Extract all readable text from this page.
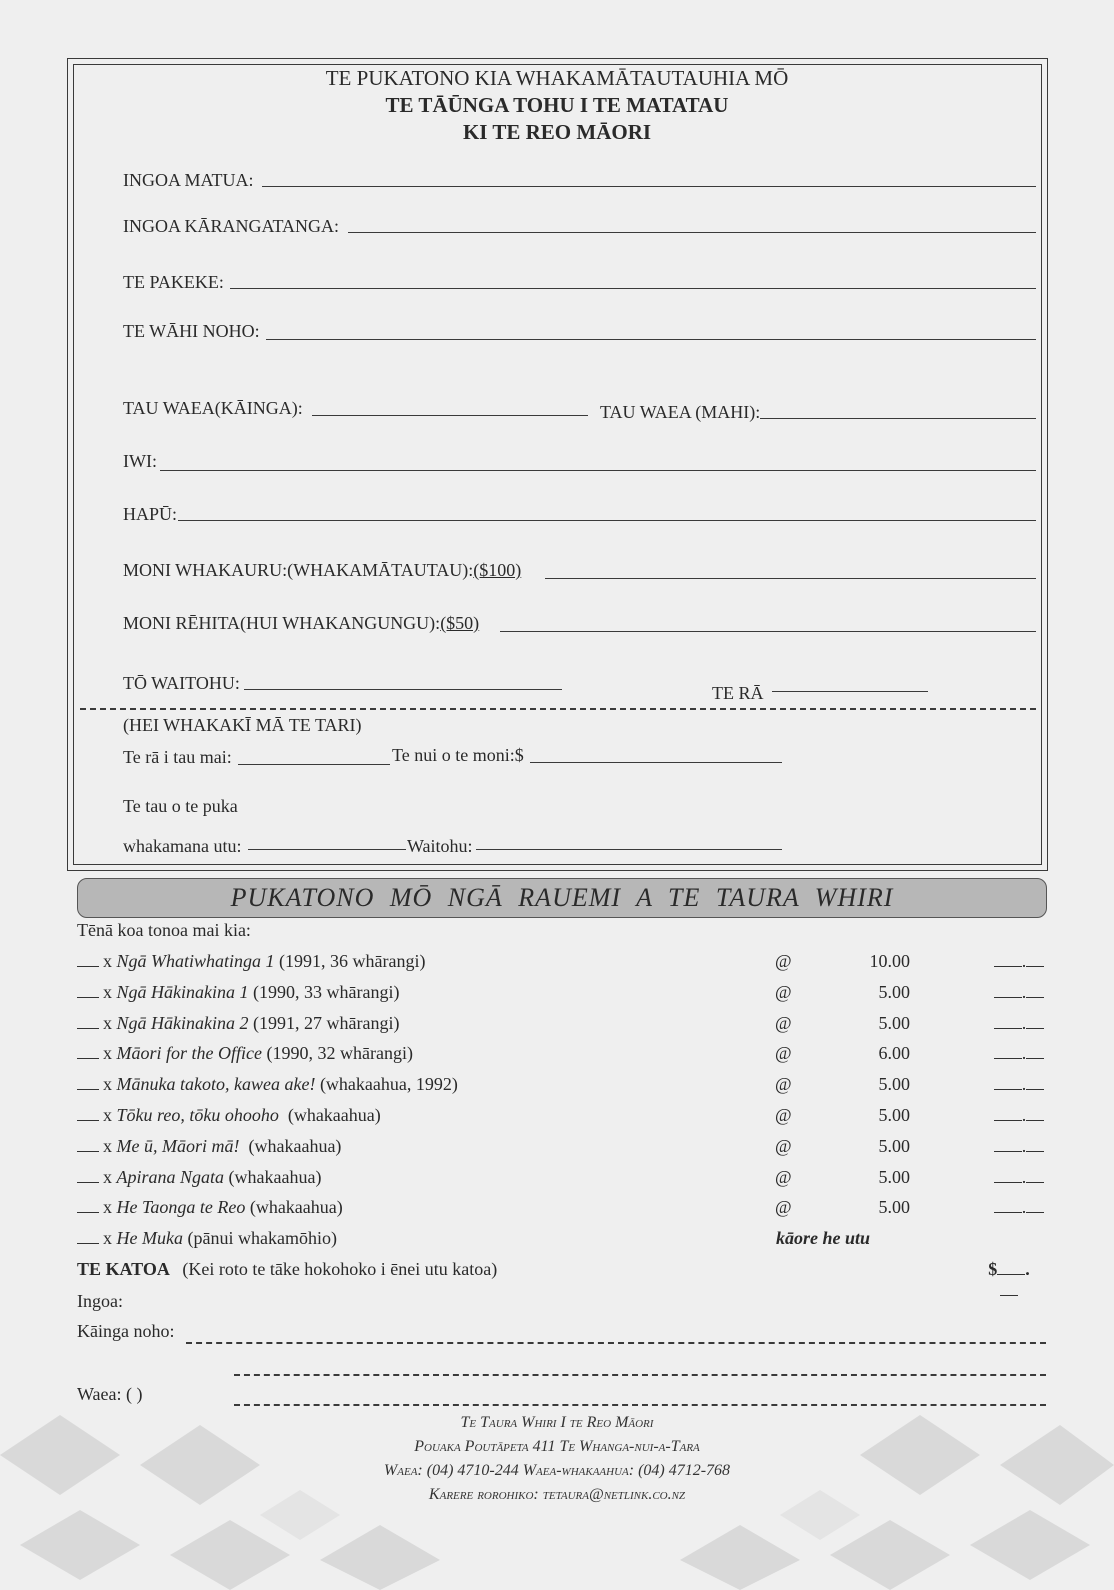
TE PUKATONO KIA WHAKAMĀTAUTAUHIA MŌ
TE TĀŪNGA TOHU I TE MATATAU
KI TE REO MĀORI
INGOA MATUA:
INGOA KĀRANGATANGA:
TE PAKEKE:
TE WĀHI NOHO:
TAU WAEA(KĀINGA):	TAU WAEA (MAHI):
IWI:
HAPŪ:
MONI WHAKAURU:(WHAKAMĀTAUTAU):($100)
MONI RĒHITA(HUI WHAKANGUNGU):($50)
TŌ WAITOHU:	TE RĀ
(HEI WHAKAKĪ MĀ TE TARI)
Te rā i tau mai:	Te nui o te moni:$
Te tau o te puka
whakamana utu:	Waitohu:
PUKATONO MŌ NGĀ RAUEMI A TE TAURA WHIRI
Tēnā koa tonoa mai kia:
x Ngā Whatiwhatinga 1 (1991, 36 whārangi)	@	10.00	.
x Ngā Hākinakina 1 (1990, 33 whārangi)	@	5.00	.
x Ngā Hākinakina 2 (1991, 27 whārangi)	@	5.00	.
x Māori for the Office (1990, 32 whārangi)	@	6.00	.
x Mānuka takoto, kawea ake! (whakaahua, 1992)	@	5.00	.
x Tōku reo, tōku ohooho  (whakaahua)	@	5.00	.
x Me ū, Māori mā!  (whakaahua)	@	5.00	.
x Apirana Ngata (whakaahua)	@	5.00	.
x He Taonga te Reo (whakaahua)	@	5.00	.
x He Muka (pānui whakamōhio)	kāore he utu
TE KATOA (Kei roto te tāke hokohoko i ēnei utu katoa)	$ .
Ingoa:
Kāinga noho:
Waea: ( )
Te Taura Whiri I te Reo Māori
Pouaka Poutāpeta 411 Te Whanga-nui-a-Tara
Waea: (04) 4710-244 Waea-whakaahua: (04) 4712-768
Karere rorohiko: tetaura@netlink.co.nz
